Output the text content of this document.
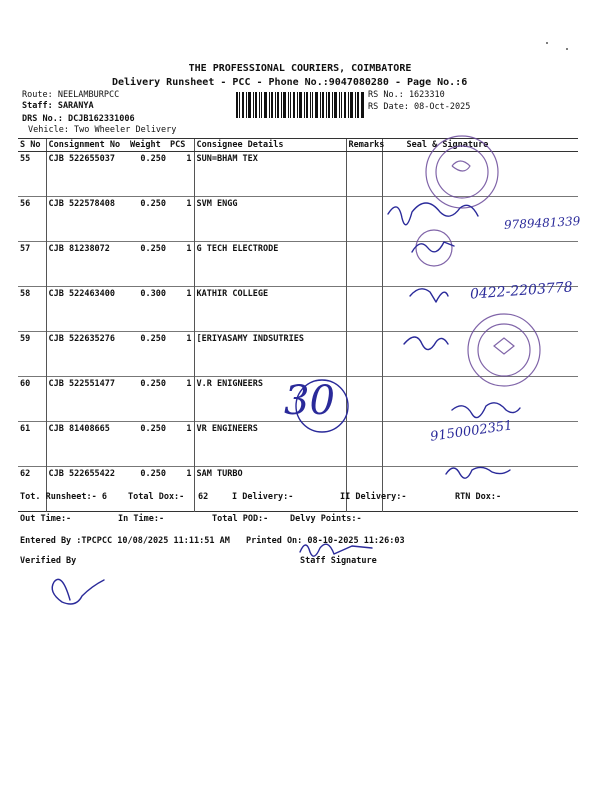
THE PROFESSIONAL COURIERS, COIMBATORE
Delivery Runsheet - PCC - Phone No.:9047080280 - Page No.:6
Route: NEELAMBURPCC
Staff: SARANYA
DRS No.: DCJB162331006
Vehicle: Two Wheeler Delivery
RS No.: 1623310
RS Date: 08-Oct-2025
S No	Consignment No	Weight	PCS	Consignee Details	Remarks	Seal & Signature
55	CJB 522655037	0.250	1	SUN=BHAM TEX		
56	CJB 522578408	0.250	1	SVM ENGG		
57	CJB 81238072	0.250	1	G TECH ELECTRODE		
58	CJB 522463400	0.300	1	KATHIR COLLEGE		
59	CJB 522635276	0.250	1	[ERIYASAMY INDSUTRIES		
60	CJB 522551477	0.250	1	V.R ENIGNEERS		
61	CJB 81408665	0.250	1	VR ENGINEERS		
62	CJB 522655422	0.250	1	SAM TURBO		
Tot. Runsheet:- 6 Total Dox:- 62	I Delivery:-	II Delivery:-	RTN Dox:-
Out Time:-	In Time:-	Total POD:-	Delvy Points:-
Entered By :TPCPCC 10/08/2025 11:11:51 AM Printed On: 08-10-2025 11:26:03
Verified By	Staff Signature
9789481339
0422-2203778
9150002351
30
